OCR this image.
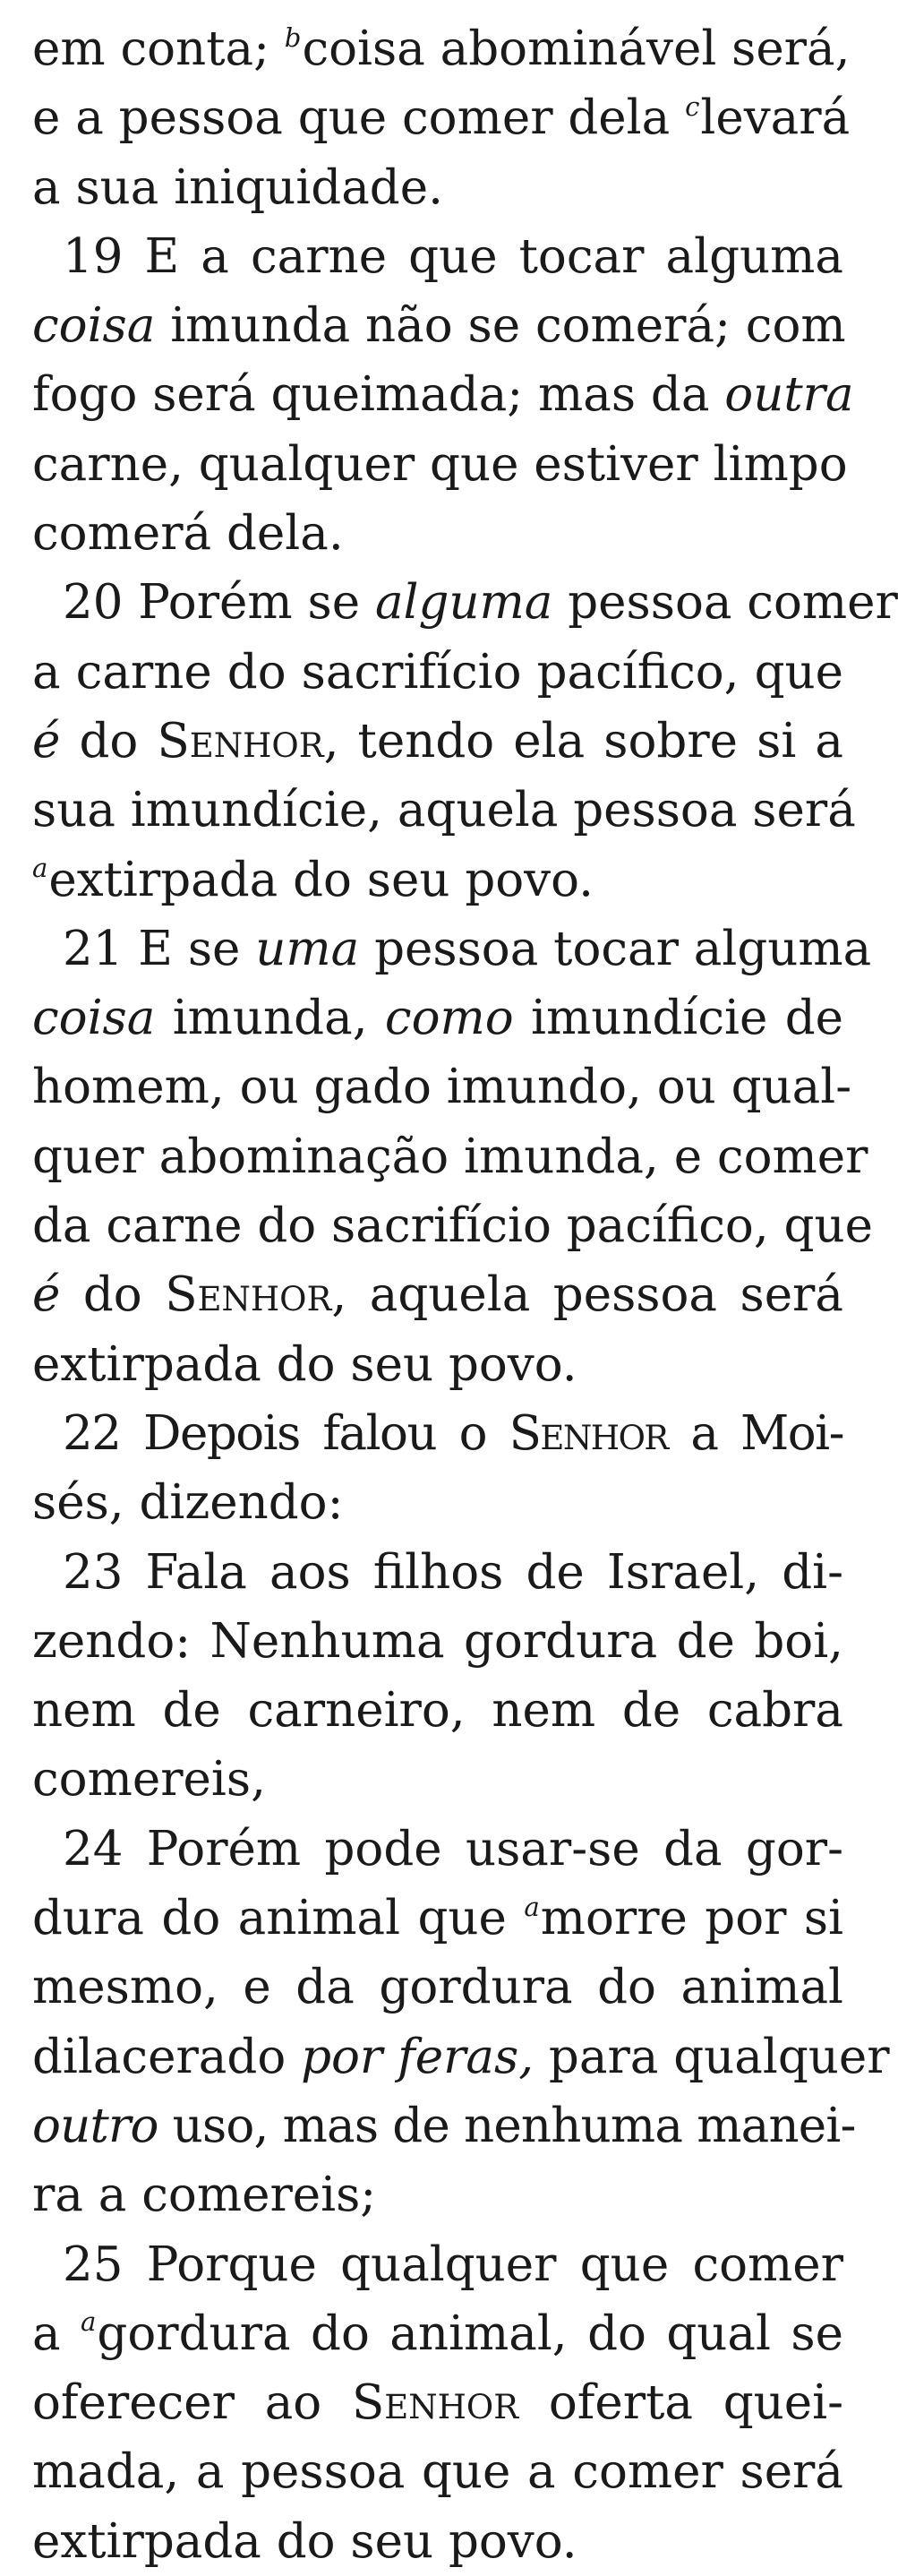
em conta; $^b$coisa abominável será,

e a pessoa que comer dela $^c$levará

a sua iniquidade.

19 E a carne que tocar alguma

coisa imunda não se comerá; com

fogo será queimada; mas da outra

carne, qualquer que estiver limpo

comerá dela.

20 Porém se alguma pessoa comer

a carne do sacrifício pacífico, que

é do Senhor, tendo ela sobre si a

sua imundície, aquela pessoa será

$^a$extirpada do seu povo.

21 E se uma pessoa tocar alguma

coisa imunda, como imundície de

homem, ou gado imundo, ou qual-

quer abominação imunda, e comer

da carne do sacrifício pacífico, que

é do Senhor, aquela pessoa será

extirpada do seu povo.

22 Depois falou o Senhor a Moi-

sés, dizendo:

23 Fala aos filhos de Israel, di-

zendo: Nenhuma gordura de boi,

nem de carneiro, nem de cabra

comereis,

24 Porém pode usar-se da gor-

dura do animal que $^a$morre por si

mesmo, e da gordura do animal

dilacerado por feras, para qualquer

outro uso, mas de nenhuma manei-

ra a comereis;

25 Porque qualquer que comer

a $^a$gordura do animal, do qual se

oferecer ao Senhor oferta quei-

mada, a pessoa que a comer será

extirpada do seu povo.
